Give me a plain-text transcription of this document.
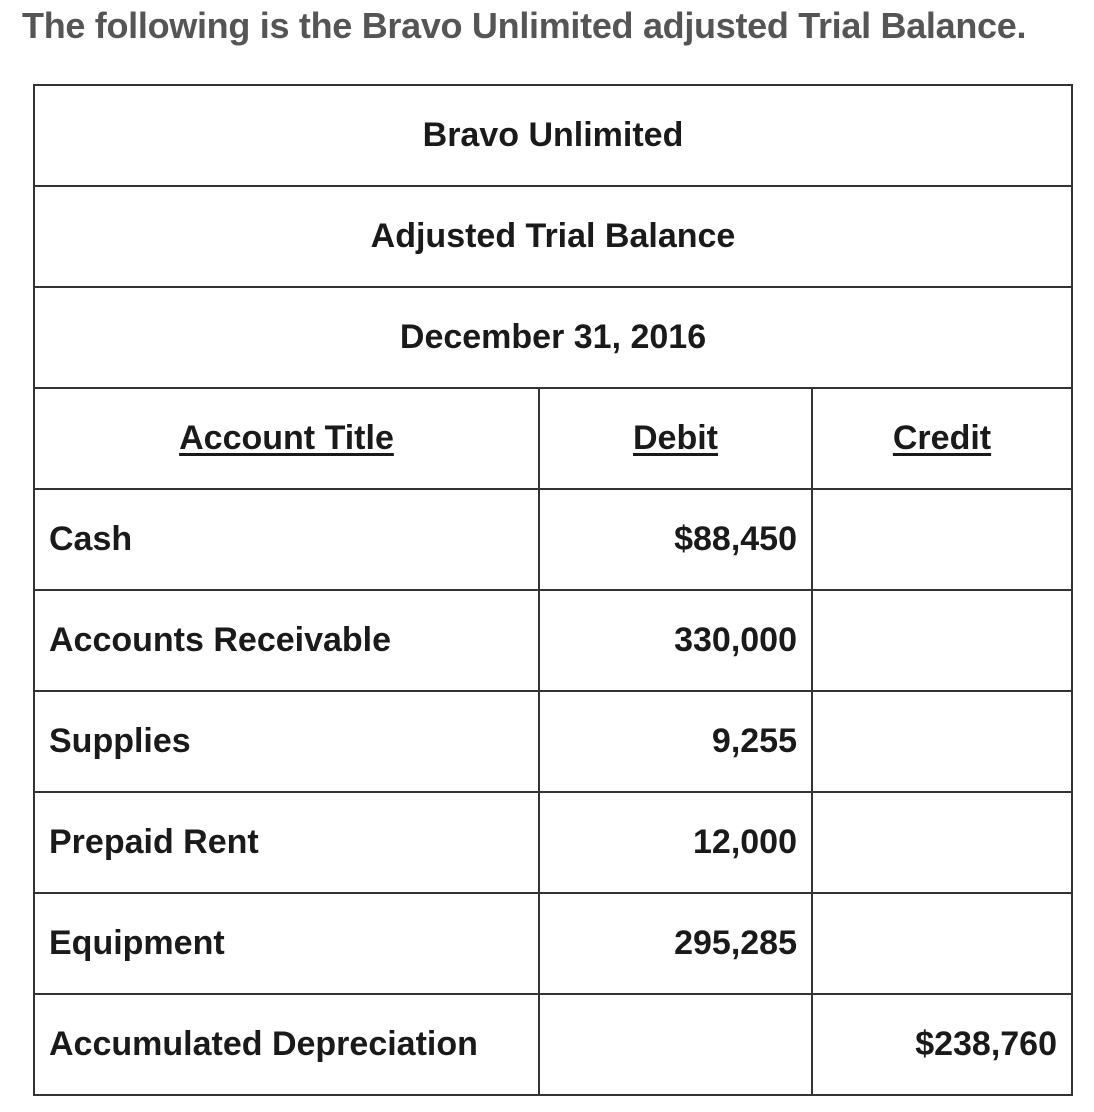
The following is the Bravo Unlimited adjusted Trial Balance.

Bravo Unlimited		
Adjusted Trial Balance		
December 31, 2016		
Account Title	Debit	Credit
Cash	$88,450	
Accounts Receivable	330,000	
Supplies	9,255	
Prepaid Rent	12,000	
Equipment	295,285	
Accumulated Depreciation		$238,760
